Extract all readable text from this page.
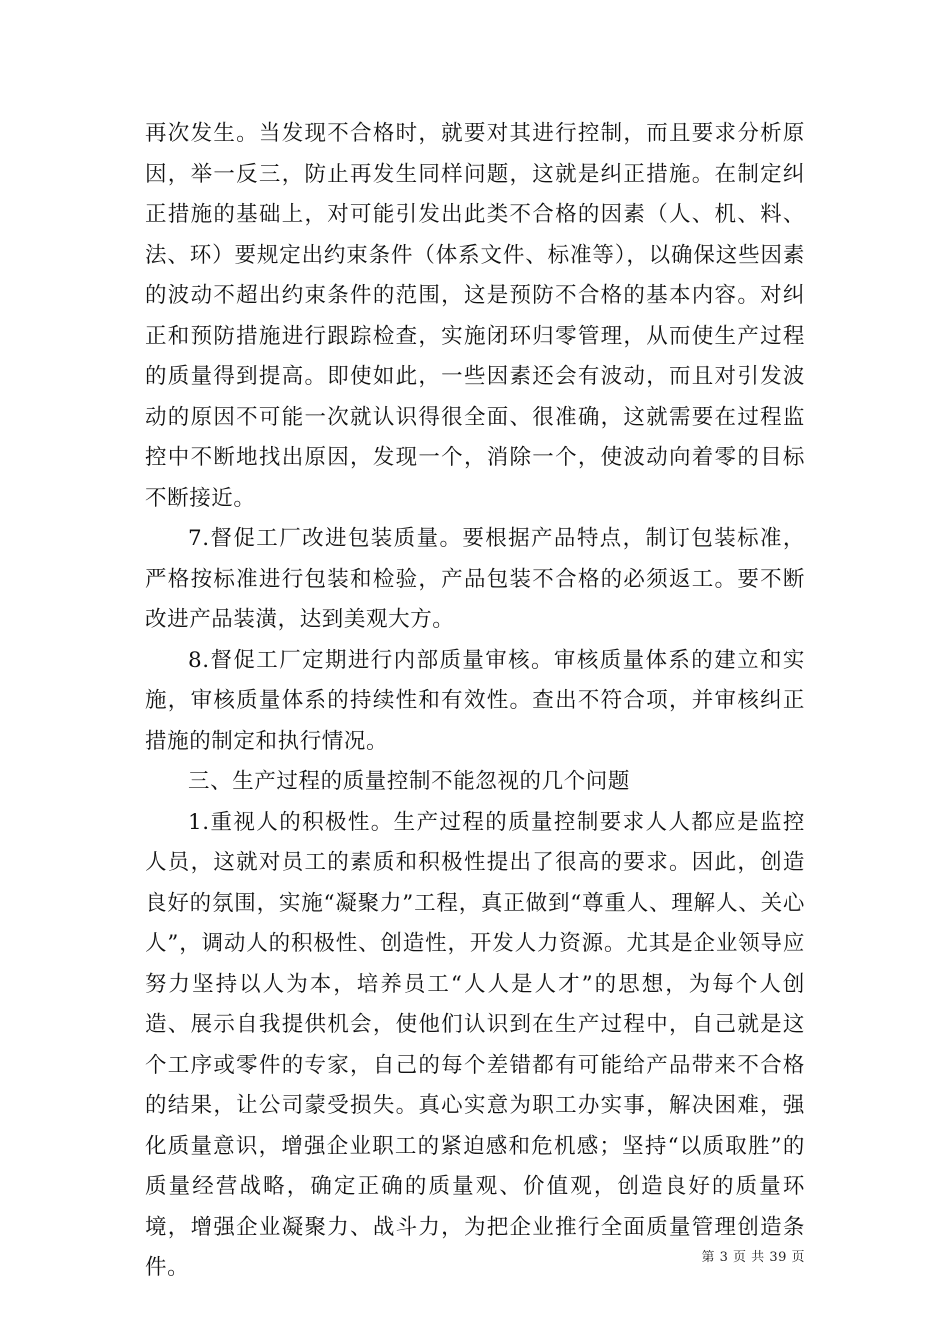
再次发生。当发现不合格时，就要对其进行控制，而且要求分析原因，举一反三，防止再发生同样问题，这就是纠正措施。在制定纠正措施的基础上，对可能引发出此类不合格的因素（人、机、料、法、环）要规定出约束条件（体系文件、标准等），以确保这些因素的波动不超出约束条件的范围，这是预防不合格的基本内容。对纠正和预防措施进行跟踪检查，实施闭环归零管理，从而使生产过程的质量得到提高。即使如此，一些因素还会有波动，而且对引发波动的原因不可能一次就认识得很全面、很准确，这就需要在过程监控中不断地找出原因，发现一个，消除一个，使波动向着零的目标不断接近。

7.督促工厂改进包装质量。要根据产品特点，制订包装标准，严格按标准进行包装和检验，产品包装不合格的必须返工。要不断改进产品装潢，达到美观大方。

8.督促工厂定期进行内部质量审核。审核质量体系的建立和实施，审核质量体系的持续性和有效性。查出不符合项，并审核纠正措施的制定和执行情况。

三、生产过程的质量控制不能忽视的几个问题

1.重视人的积极性。生产过程的质量控制要求人人都应是监控人员，这就对员工的素质和积极性提出了很高的要求。因此，创造良好的氛围，实施“凝聚力”工程，真正做到“尊重人、理解人、关心人”，调动人的积极性、创造性，开发人力资源。尤其是企业领导应努力坚持以人为本，培养员工“人人是人才”的思想，为每个人创造、展示自我提供机会，使他们认识到在生产过程中，自己就是这个工序或零件的专家，自己的每个差错都有可能给产品带来不合格的结果，让公司蒙受损失。真心实意为职工办实事，解决困难，强化质量意识，增强企业职工的紧迫感和危机感；坚持“以质取胜”的质量经营战略，确定正确的质量观、价值观，创造良好的质量环境，增强企业凝聚力、战斗力，为把企业推行全面质量管理创造条件。	第 3 页 共 39 页
